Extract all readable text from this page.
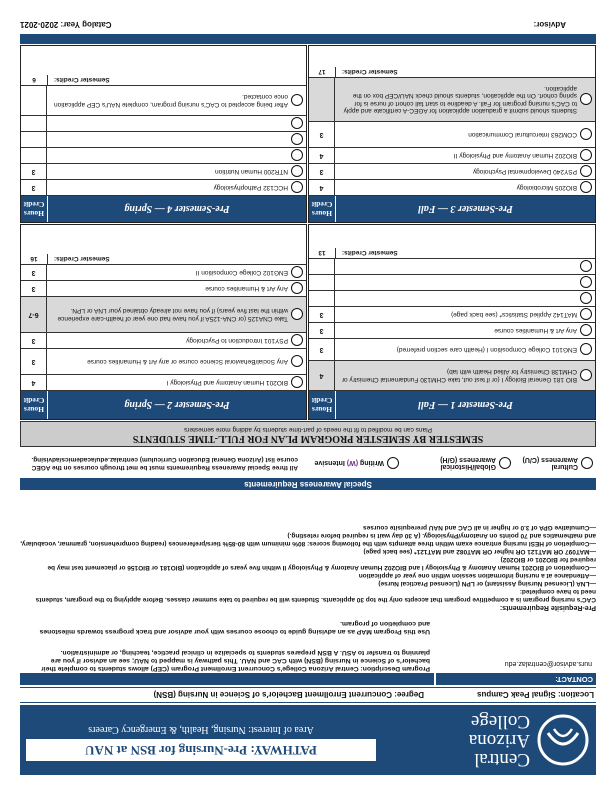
Central
Arizona
College
PATHWAY: Pre-Nursing for BSN at NAU
Area of Interest: Nursing, Health, & Emergency Careers
Location: Signal Peak Campus
Degree: Concurrent Enrollment Bachelor's of Science in Nursing (BSN)
CONTACT:
nurs.advisor@centralaz.edu
Program Description: Central Arizona College's Concurrent Enrollment Program (CEP) allows students to complete their bachelor's of Science in Nursing (BSN) with CAC and NAU. This pathway is mapped to NAU; see an advisor if you are planning to transfer to ASU. A BSN prepares students to specialize in clinical practice, teaching, or administration.
Use this Program MAP as an advising guide to choose courses with your advisor and track progress towards milestones and completion of program.
Pre-Requisite Requirements:
CAC's nursing program is a competitive program that accepts only the top 30 applicants. Students will be required to take summer classes. Before applying to the program, students need to have completed:
—LNA (Licensed Nursing Assistant) or LPN (Licensed Practical Nurse)
—Attendance at a nursing information session within one year of application
—Completion of BIO201 Human Anatomy & Physiology I and BIO202 Human Anatomy & Physiology II within five years of application (BIO181 or BIO156 or placement test may be required for BIO201 or BIO202)
—MAT097 OR MAT121 OR higher OR MAT082 and MAT121* (see back page)
—Completion of HESI nursing entrance exam within three attempts with the following scores: 80% minimum with 80-85% tiers/preferences (reading comprehension, grammar, vocabulary, and mathematics and 70 points on Anatomy/Physiology. (A 30 day wait is required before retesting.)
—Cumulative GPA of 3.0 or higher in all CAC and NAU prerequisite courses
Special Awareness Requirements
Cultural Awareness (C/U)
Global/Historical Awareness (G/H)
Writing (W) Intensive
All three Special Awareness Requirements must be met through courses on the AGEC course list (Arizona General Education Curriculum) centralaz.edu/academics/advising.
SEMESTER BY SEMESTER PROGRAM PLAN FOR FULL-TIME STUDENTS
Plans can be modified to fit the needs of part-time students by adding more semesters
Pre-Semester 1 — Fall
Hours Credit
BIO 181 General Biology I (or if test out, take CHM130 Fundamental Chemistry or CHM138 Chemistry for Allied Health with lab)
4
ENG101 College Composition I (Health care section preferred)
3
Any Art & Humanities course
3
MAT142 Applied Statistics* (see back page)
3
Semester Credits:
13
Pre-Semester 2 — Spring
Hours Credit
BIO201 Human Anatomy and Physiology I
4
Any Social/Behavioral Science course or any Art & Humanities course
3
PSY101 Introduction to Psychology
3
Take CNA125 (or CNA-125A if you have had one year of health-care experience within the last five years) if you have not already obtained your LNA or LPN.
6-7
Any Art & Humanities course
3
ENG102 College Composition II
3
Semester Credits:
16
Pre-Semester 3 — Fall
Hours Credit
BIO205 Microbiology
4
PSY240 Developmental Psychology
3
BIO202 Human Anatomy and Physiology II
4
COM263 Intercultural Communication
3
Students should submit a graduation application for AGEC-A certificate and apply to CAC's nursing program for Fall. A deadline to start fall cohort of nurse is for spring cohort. On the application, students should check NAU/CEP box on the application.
Semester Credits:
17
Pre-Semester 4 — Spring
Hours Credit
HCC132 Pathophysiology
3
NTR200 Human Nutrition
3
After being accepted to CAC's nursing program, complete NAU's CEP application once contacted.
Semester Credits:
6
Advisor:
Catalog Year: 2020-2021
